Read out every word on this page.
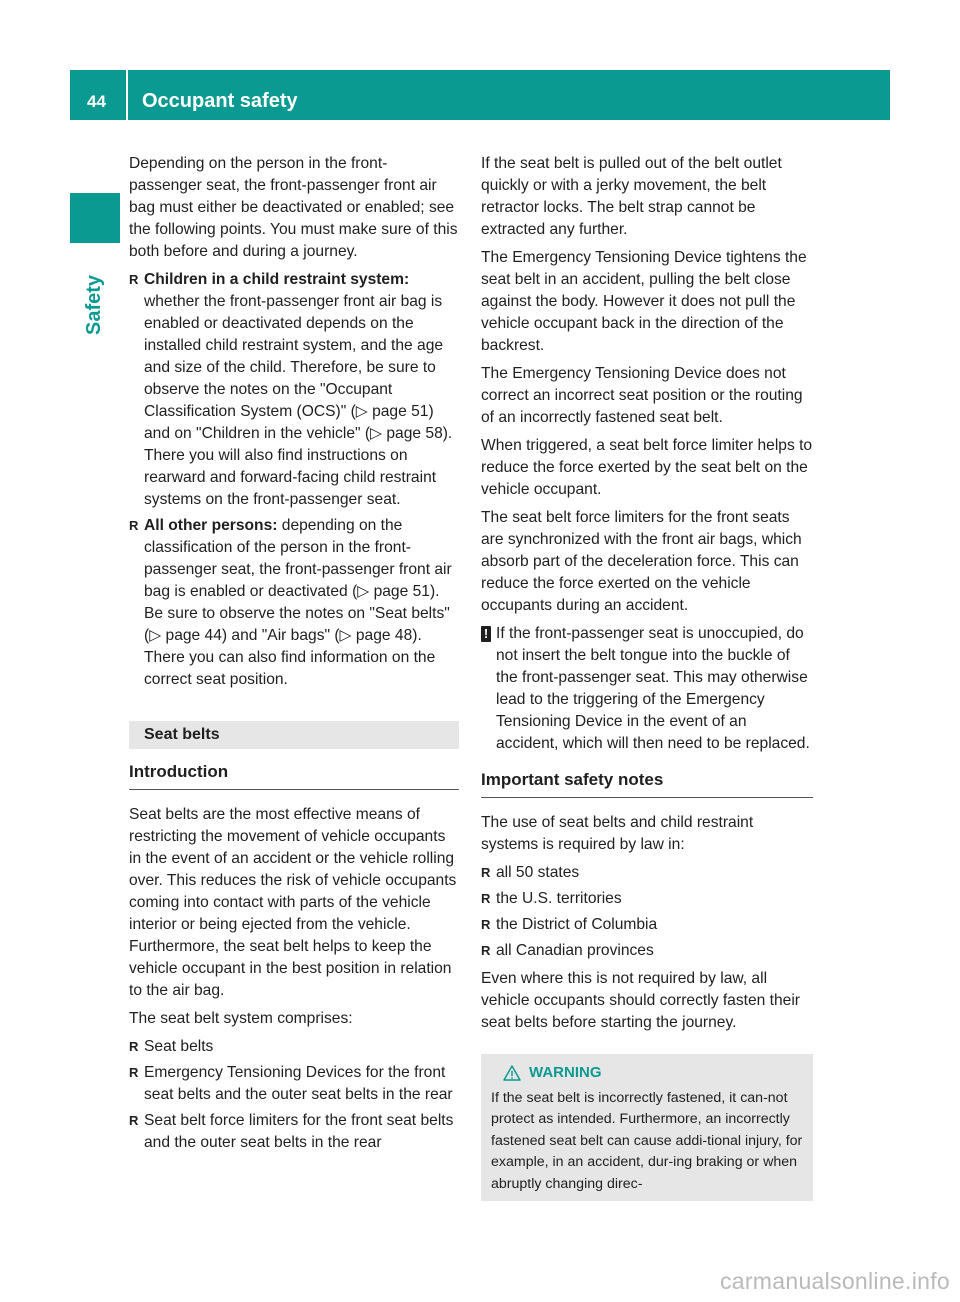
44 Occupant safety
Safety

Depending on the person in the front-passenger seat, the front-passenger front air bag must either be deactivated or enabled; see the following points. You must make sure of this both before and during a journey.

R Children in a child restraint system: whether the front-passenger front air bag is enabled or deactivated depends on the installed child restraint system, and the age and size of the child. Therefore, be sure to observe the notes on the "Occupant Classification System (OCS)" (▷ page 51) and on "Children in the vehicle" (▷ page 58). There you will also find instructions on rearward and forward-facing child restraint systems on the front-passenger seat.
R All other persons: depending on the classification of the person in the front-passenger seat, the front-passenger front air bag is enabled or deactivated (▷ page 51). Be sure to observe the notes on "Seat belts" (▷ page 44) and "Air bags" (▷ page 48). There you can also find information on the correct seat position.
Seat belts
Introduction

Seat belts are the most effective means of restricting the movement of vehicle occupants in the event of an accident or the vehicle rolling over. This reduces the risk of vehicle occupants coming into contact with parts of the vehicle interior or being ejected from the vehicle. Furthermore, the seat belt helps to keep the vehicle occupant in the best position in relation to the air bag.

The seat belt system comprises:

R Seat belts
R Emergency Tensioning Devices for the front seat belts and the outer seat belts in the rear
R Seat belt force limiters for the front seat belts and the outer seat belts in the rear

If the seat belt is pulled out of the belt outlet quickly or with a jerky movement, the belt retractor locks. The belt strap cannot be extracted any further.

The Emergency Tensioning Device tightens the seat belt in an accident, pulling the belt close against the body. However it does not pull the vehicle occupant back in the direction of the backrest.

The Emergency Tensioning Device does not correct an incorrect seat position or the routing of an incorrectly fastened seat belt.

When triggered, a seat belt force limiter helps to reduce the force exerted by the seat belt on the vehicle occupant.

The seat belt force limiters for the front seats are synchronized with the front air bags, which absorb part of the deceleration force. This can reduce the force exerted on the vehicle occupants during an accident.

! If the front-passenger seat is unoccupied, do not insert the belt tongue into the buckle of the front-passenger seat. This may otherwise lead to the triggering of the Emergency Tensioning Device in the event of an accident, which will then need to be replaced.
Important safety notes

The use of seat belts and child restraint systems is required by law in:

R all 50 states
R the U.S. territories
R the District of Columbia
R all Canadian provinces

Even where this is not required by law, all vehicle occupants should correctly fasten their seat belts before starting the journey.

WARNING
If the seat belt is incorrectly fastened, it can-not protect as intended. Furthermore, an incorrectly fastened seat belt can cause addi-tional injury, for example, in an accident, dur-ing braking or when abruptly changing direc-
carmanualsonline.info
